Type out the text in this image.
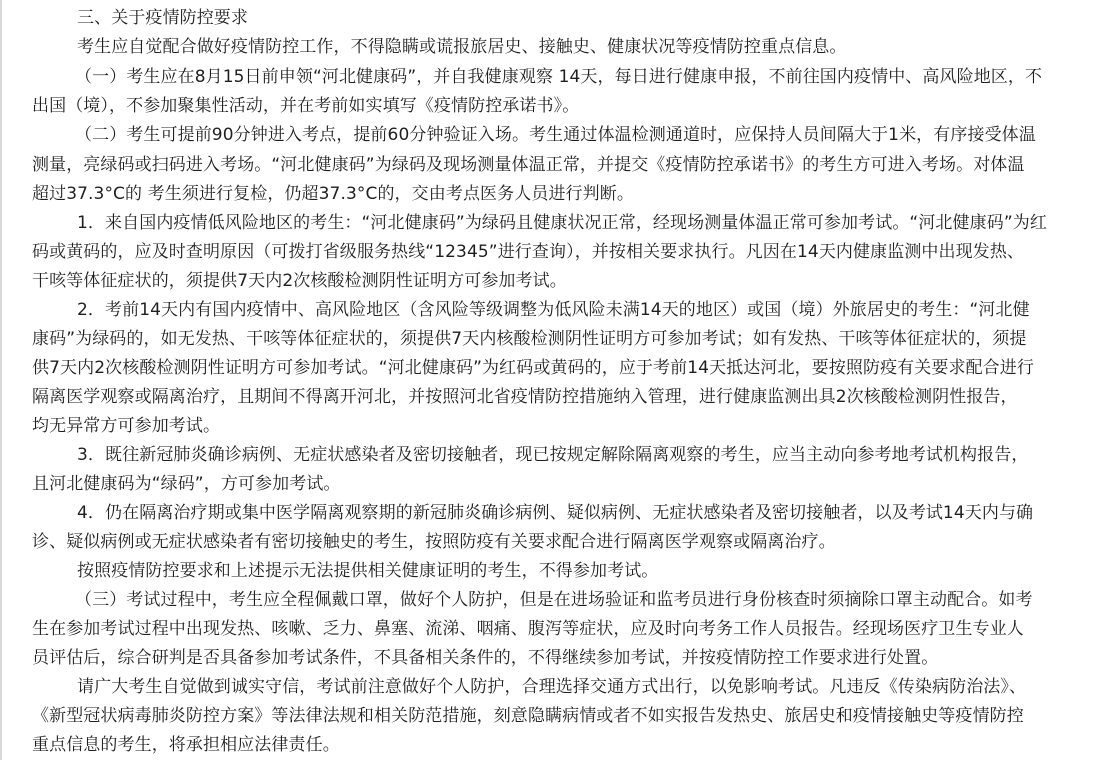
三、关于疫情防控要求
考生应自觉配合做好疫情防控工作，不得隐瞒或谎报旅居史、接触史、健康状况等疫情防控重点信息。
（一）考生应在8月15日前申领“河北健康码”，并自我健康观察 14天，每日进行健康申报，不前往国内疫情中、高风险地区，不
出国（境），不参加聚集性活动，并在考前如实填写《疫情防控承诺书》。
（二）考生可提前90分钟进入考点，提前60分钟验证入场。考生通过体温检测通道时，应保持人员间隔大于1米，有序接受体温
测量，亮绿码或扫码进入考场。“河北健康码”为绿码及现场测量体温正常，并提交《疫情防控承诺书》的考生方可进入考场。对体温
超过37.3°C的 考生须进行复检，仍超37.3°C的，交由考点医务人员进行判断。
1．来自国内疫情低风险地区的考生：“河北健康码”为绿码且健康状况正常，经现场测量体温正常可参加考试。“河北健康码”为红
码或黄码的，应及时查明原因（可拨打省级服务热线“12345”进行查询），并按相关要求执行。凡因在14天内健康监测中出现发热、
干咳等体征症状的，须提供7天内2次核酸检测阴性证明方可参加考试。
2．考前14天内有国内疫情中、高风险地区（含风险等级调整为低风险未满14天的地区）或国（境）外旅居史的考生：“河北健
康码”为绿码的，如无发热、干咳等体征症状的，须提供7天内核酸检测阴性证明方可参加考试；如有发热、干咳等体征症状的，须提
供7天内2次核酸检测阴性证明方可参加考试。“河北健康码”为红码或黄码的，应于考前14天抵达河北，要按照防疫有关要求配合进行
隔离医学观察或隔离治疗，且期间不得离开河北，并按照河北省疫情防控措施纳入管理，进行健康监测出具2次核酸检测阴性报告，
均无异常方可参加考试。
3．既往新冠肺炎确诊病例、无症状感染者及密切接触者，现已按规定解除隔离观察的考生，应当主动向参考地考试机构报告，
且河北健康码为“绿码”，方可参加考试。
4．仍在隔离治疗期或集中医学隔离观察期的新冠肺炎确诊病例、疑似病例、无症状感染者及密切接触者，以及考试14天内与确
诊、疑似病例或无症状感染者有密切接触史的考生，按照防疫有关要求配合进行隔离医学观察或隔离治疗。
按照疫情防控要求和上述提示无法提供相关健康证明的考生，不得参加考试。
（三）考试过程中，考生应全程佩戴口罩，做好个人防护，但是在进场验证和监考员进行身份核查时须摘除口罩主动配合。如考
生在参加考试过程中出现发热、咳嗽、乏力、鼻塞、流涕、咽痛、腹泻等症状，应及时向考务工作人员报告。经现场医疗卫生专业人
员评估后，综合研判是否具备参加考试条件，不具备相关条件的，不得继续参加考试，并按疫情防控工作要求进行处置。
请广大考生自觉做到诚实守信，考试前注意做好个人防护，合理选择交通方式出行，以免影响考试。凡违反《传染病防治法》、
《新型冠状病毒肺炎防控方案》等法律法规和相关防范措施，刻意隐瞒病情或者不如实报告发热史、旅居史和疫情接触史等疫情防控
重点信息的考生，将承担相应法律责任。
